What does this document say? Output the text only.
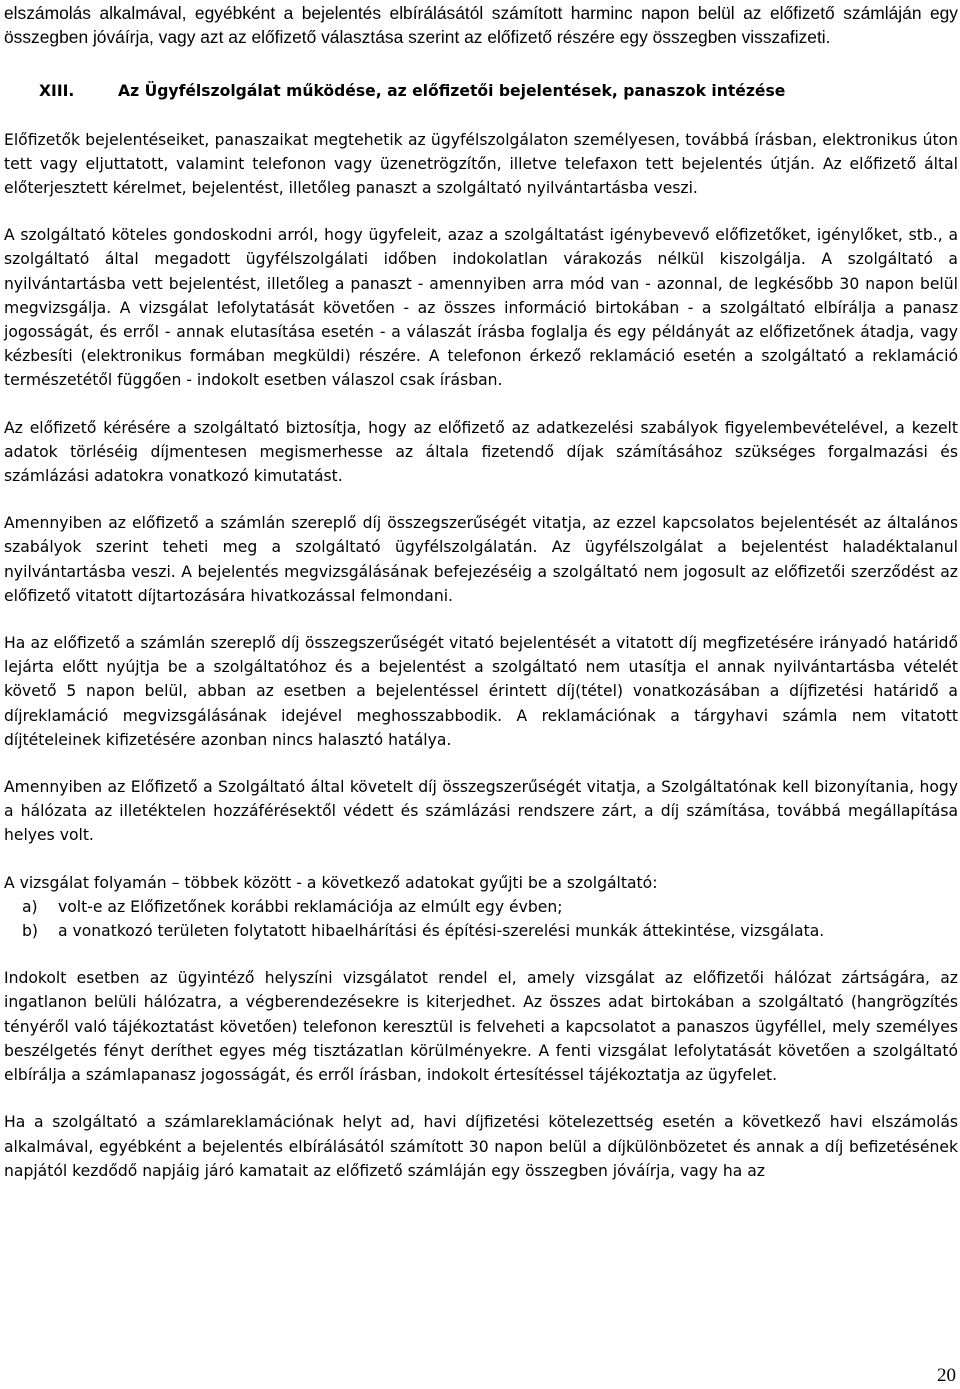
elszámolás alkalmával, egyébként a bejelentés elbírálásától számított harminc napon belül az előfizető számláján egy összegben jóváírja, vagy azt az előfizető választása szerint az előfizető részére egy összegben visszafizeti.

XIII.	Az Ügyfélszolgálat működése, az előfizetői bejelentések, panaszok intézése

Előfizetők bejelentéseiket, panaszaikat megtehetik az ügyfélszolgálaton személyesen, továbbá írásban, elektronikus úton tett vagy eljuttatott, valamint telefonon vagy üzenetrögzítőn, illetve telefaxon tett bejelentés útján. Az előfizető által előterjesztett kérelmet, bejelentést, illetőleg panaszt a szolgáltató nyilvántartásba veszi.

A szolgáltató köteles gondoskodni arról, hogy ügyfeleit, azaz a szolgáltatást igénybevevő előfizetőket, igénylőket, stb., a szolgáltató által megadott ügyfélszolgálati időben indokolatlan várakozás nélkül kiszolgálja. A szolgáltató a nyilvántartásba vett bejelentést, illetőleg a panaszt - amennyiben arra mód van - azonnal, de legkésőbb 30 napon belül megvizsgálja. A vizsgálat lefolytatását követően - az összes információ birtokában - a szolgáltató elbírálja a panasz jogosságát, és erről - annak elutasítása esetén - a válaszát írásba foglalja és egy példányát az előfizetőnek átadja, vagy kézbesíti (elektronikus formában megküldi) részére. A telefonon érkező reklamáció esetén a szolgáltató a reklamáció természetétől függően - indokolt esetben válaszol csak írásban.

Az előfizető kérésére a szolgáltató biztosítja, hogy az előfizető az adatkezelési szabályok figyelembevételével, a kezelt adatok törléséig díjmentesen megismerhesse az általa fizetendő díjak számításához szükséges forgalmazási és számlázási adatokra vonatkozó kimutatást.

Amennyiben az előfizető a számlán szereplő díj összegszerűségét vitatja, az ezzel kapcsolatos bejelentését az általános szabályok szerint teheti meg a szolgáltató ügyfélszolgálatán. Az ügyfélszolgálat a bejelentést haladéktalanul nyilvántartásba veszi. A bejelentés megvizsgálásának befejezéséig a szolgáltató nem jogosult az előfizetői szerződést az előfizető vitatott díjtartozására hivatkozással felmondani.

Ha az előfizető a számlán szereplő díj összegszerűségét vitató bejelentését a vitatott díj megfizetésére irányadó határidő lejárta előtt nyújtja be a szolgáltatóhoz és a bejelentést a szolgáltató nem utasítja el annak nyilvántartásba vételét követő 5 napon belül, abban az esetben a bejelentéssel érintett díj(tétel) vonatkozásában a díjfizetési határidő a díjreklamáció megvizsgálásának idejével meghosszabbodik. A reklamációnak a tárgyhavi számla nem vitatott díjtételeinek kifizetésére azonban nincs halasztó hatálya.

Amennyiben az Előfizető a Szolgáltató által követelt díj összegszerűségét vitatja, a Szolgáltatónak kell bizonyítania, hogy a hálózata az illetéktelen hozzáférésektől védett és számlázási rendszere zárt, a díj számítása, továbbá megállapítása helyes volt.

A vizsgálat folyamán – többek között - a következő adatokat gyűjti be a szolgáltató:

a) volt-e az Előfizetőnek korábbi reklamációja az elmúlt egy évben;
b) a vonatkozó területen folytatott hibaelhárítási és építési-szerelési munkák áttekintése, vizsgálata.

Indokolt esetben az ügyintéző helyszíni vizsgálatot rendel el, amely vizsgálat az előfizetői hálózat zártságára, az ingatlanon belüli hálózatra, a végberendezésekre is kiterjedhet. Az összes adat birtokában a szolgáltató (hangrögzítés tényéről való tájékoztatást követően) telefonon keresztül is felveheti a kapcsolatot a panaszos ügyféllel, mely személyes beszélgetés fényt deríthet egyes még tisztázatlan körülményekre. A fenti vizsgálat lefolytatását követően a szolgáltató elbírálja a számlapanasz jogosságát, és erről írásban, indokolt értesítéssel tájékoztatja az ügyfelet.

Ha a szolgáltató a számlareklamációnak helyt ad, havi díjfizetési kötelezettség esetén a következő havi elszámolás alkalmával, egyébként a bejelentés elbírálásától számított 30 napon belül a díjkülönbözetet és annak a díj befizetésének napjától kezdődő napjáig járó kamatait az előfizető számláján egy összegben jóváírja, vagy ha az

20
